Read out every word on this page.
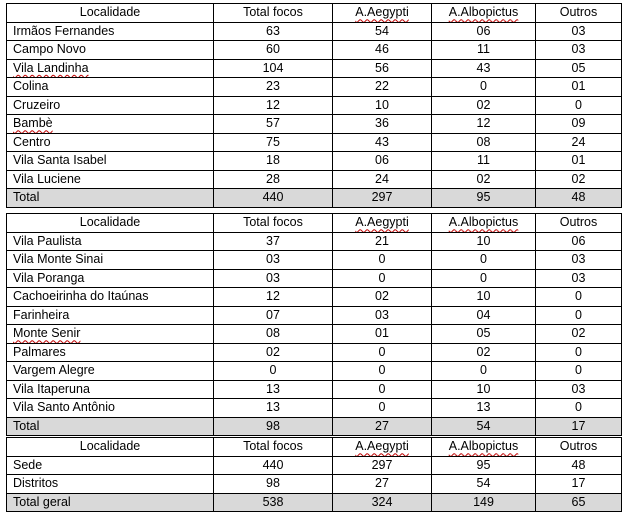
Localidade	Total focos	A.Aegypti	A.Albopictus	Outros
Irmãos Fernandes	63	54	06	03
Campo Novo	60	46	11	03
Vila Landinha	104	56	43	05
Colina	23	22	0	01
Cruzeiro	12	10	02	0
Bambè	57	36	12	09
Centro	75	43	08	24
Vila Santa Isabel	18	06	11	01
Vila Luciene	28	24	02	02
Total	440	297	95	48
Localidade	Total focos	A.Aegypti	A.Albopictus	Outros
Vila Paulista	37	21	10	06
Vila Monte Sinai	03	0	0	03
Vila Poranga	03	0	0	03
Cachoeirinha do Itaúnas	12	02	10	0
Farinheira	07	03	04	0
Monte Senir	08	01	05	02
Palmares	02	0	02	0
Vargem Alegre	0	0	0	0
Vila Itaperuna	13	0	10	03
Vila Santo Antônio	13	0	13	0
Total	98	27	54	17
Localidade	Total focos	A.Aegypti	A.Albopictus	Outros
Sede	440	297	95	48
Distritos	98	27	54	17
Total geral	538	324	149	65
